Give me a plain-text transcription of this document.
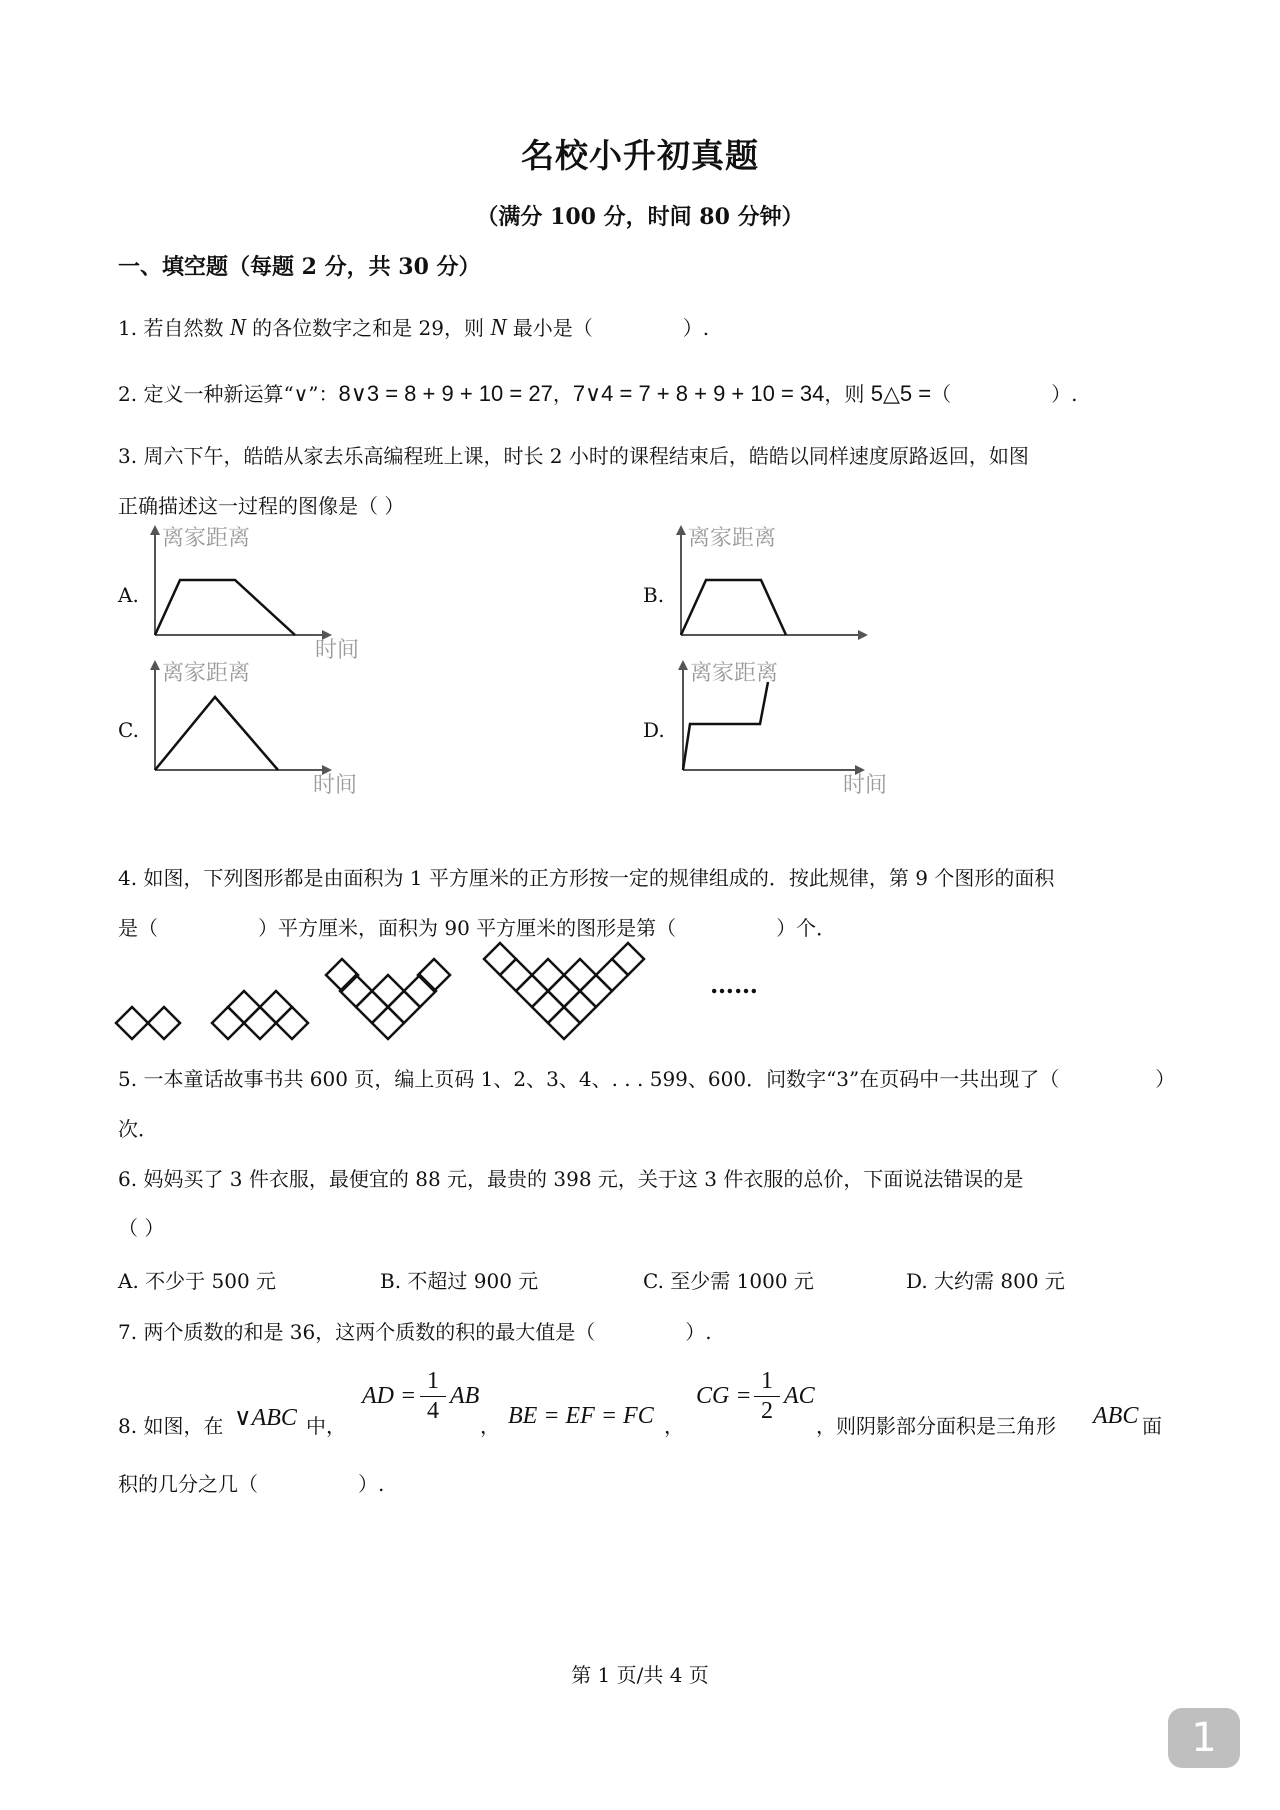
名校小升初真题
（满分 100 分，时间 80 分钟）
一、填空题（每题 2 分，共 30 分）
1. 若自然数 N 的各位数字之和是 29，则 N 最小是（	）.
2. 定义一种新运算“∨”：8∨3 = 8 + 9 + 10 = 27，7∨4 = 7 + 8 + 9 + 10 = 34，则 5△5 =（	）.
3. 周六下午，皓皓从家去乐高编程班上课，时长 2 小时的课程结束后，皓皓以同样速度原路返回，如图
正确描述这一过程的图像是（ ）
A.
离家距离
时间
B.
离家距离
C.
离家距离
时间
D.
离家距离
时间
4. 如图，下列图形都是由面积为 1 平方厘米的正方形按一定的规律组成的．按此规律，第 9 个图形的面积
是（	）平方厘米，面积为 90 平方厘米的图形是第（	）个．
……
5. 一本童话故事书共 600 页，编上页码 1、2、3、4、. . . 599、600．问数字“3”在页码中一共出现了（	）
次．
6. 妈妈买了 3 件衣服，最便宜的 88 元，最贵的 398 元，关于这 3 件衣服的总价，下面说法错误的是
（ ）
A. 不少于 500 元	B. 不超过 900 元	C. 至少需 1000 元	D. 大约需 800 元
7. 两个质数的和是 36，这两个质数的积的最大值是（	）.
8. 如图，在 ∨ABC 中，
AD =
1
4
AB
， BE = EF = FC ，
CG =
1
2
AC
，则阴影部分面积是三角形 ABC 面
积的几分之几（	）.
第 1 页/共 4 页
1
